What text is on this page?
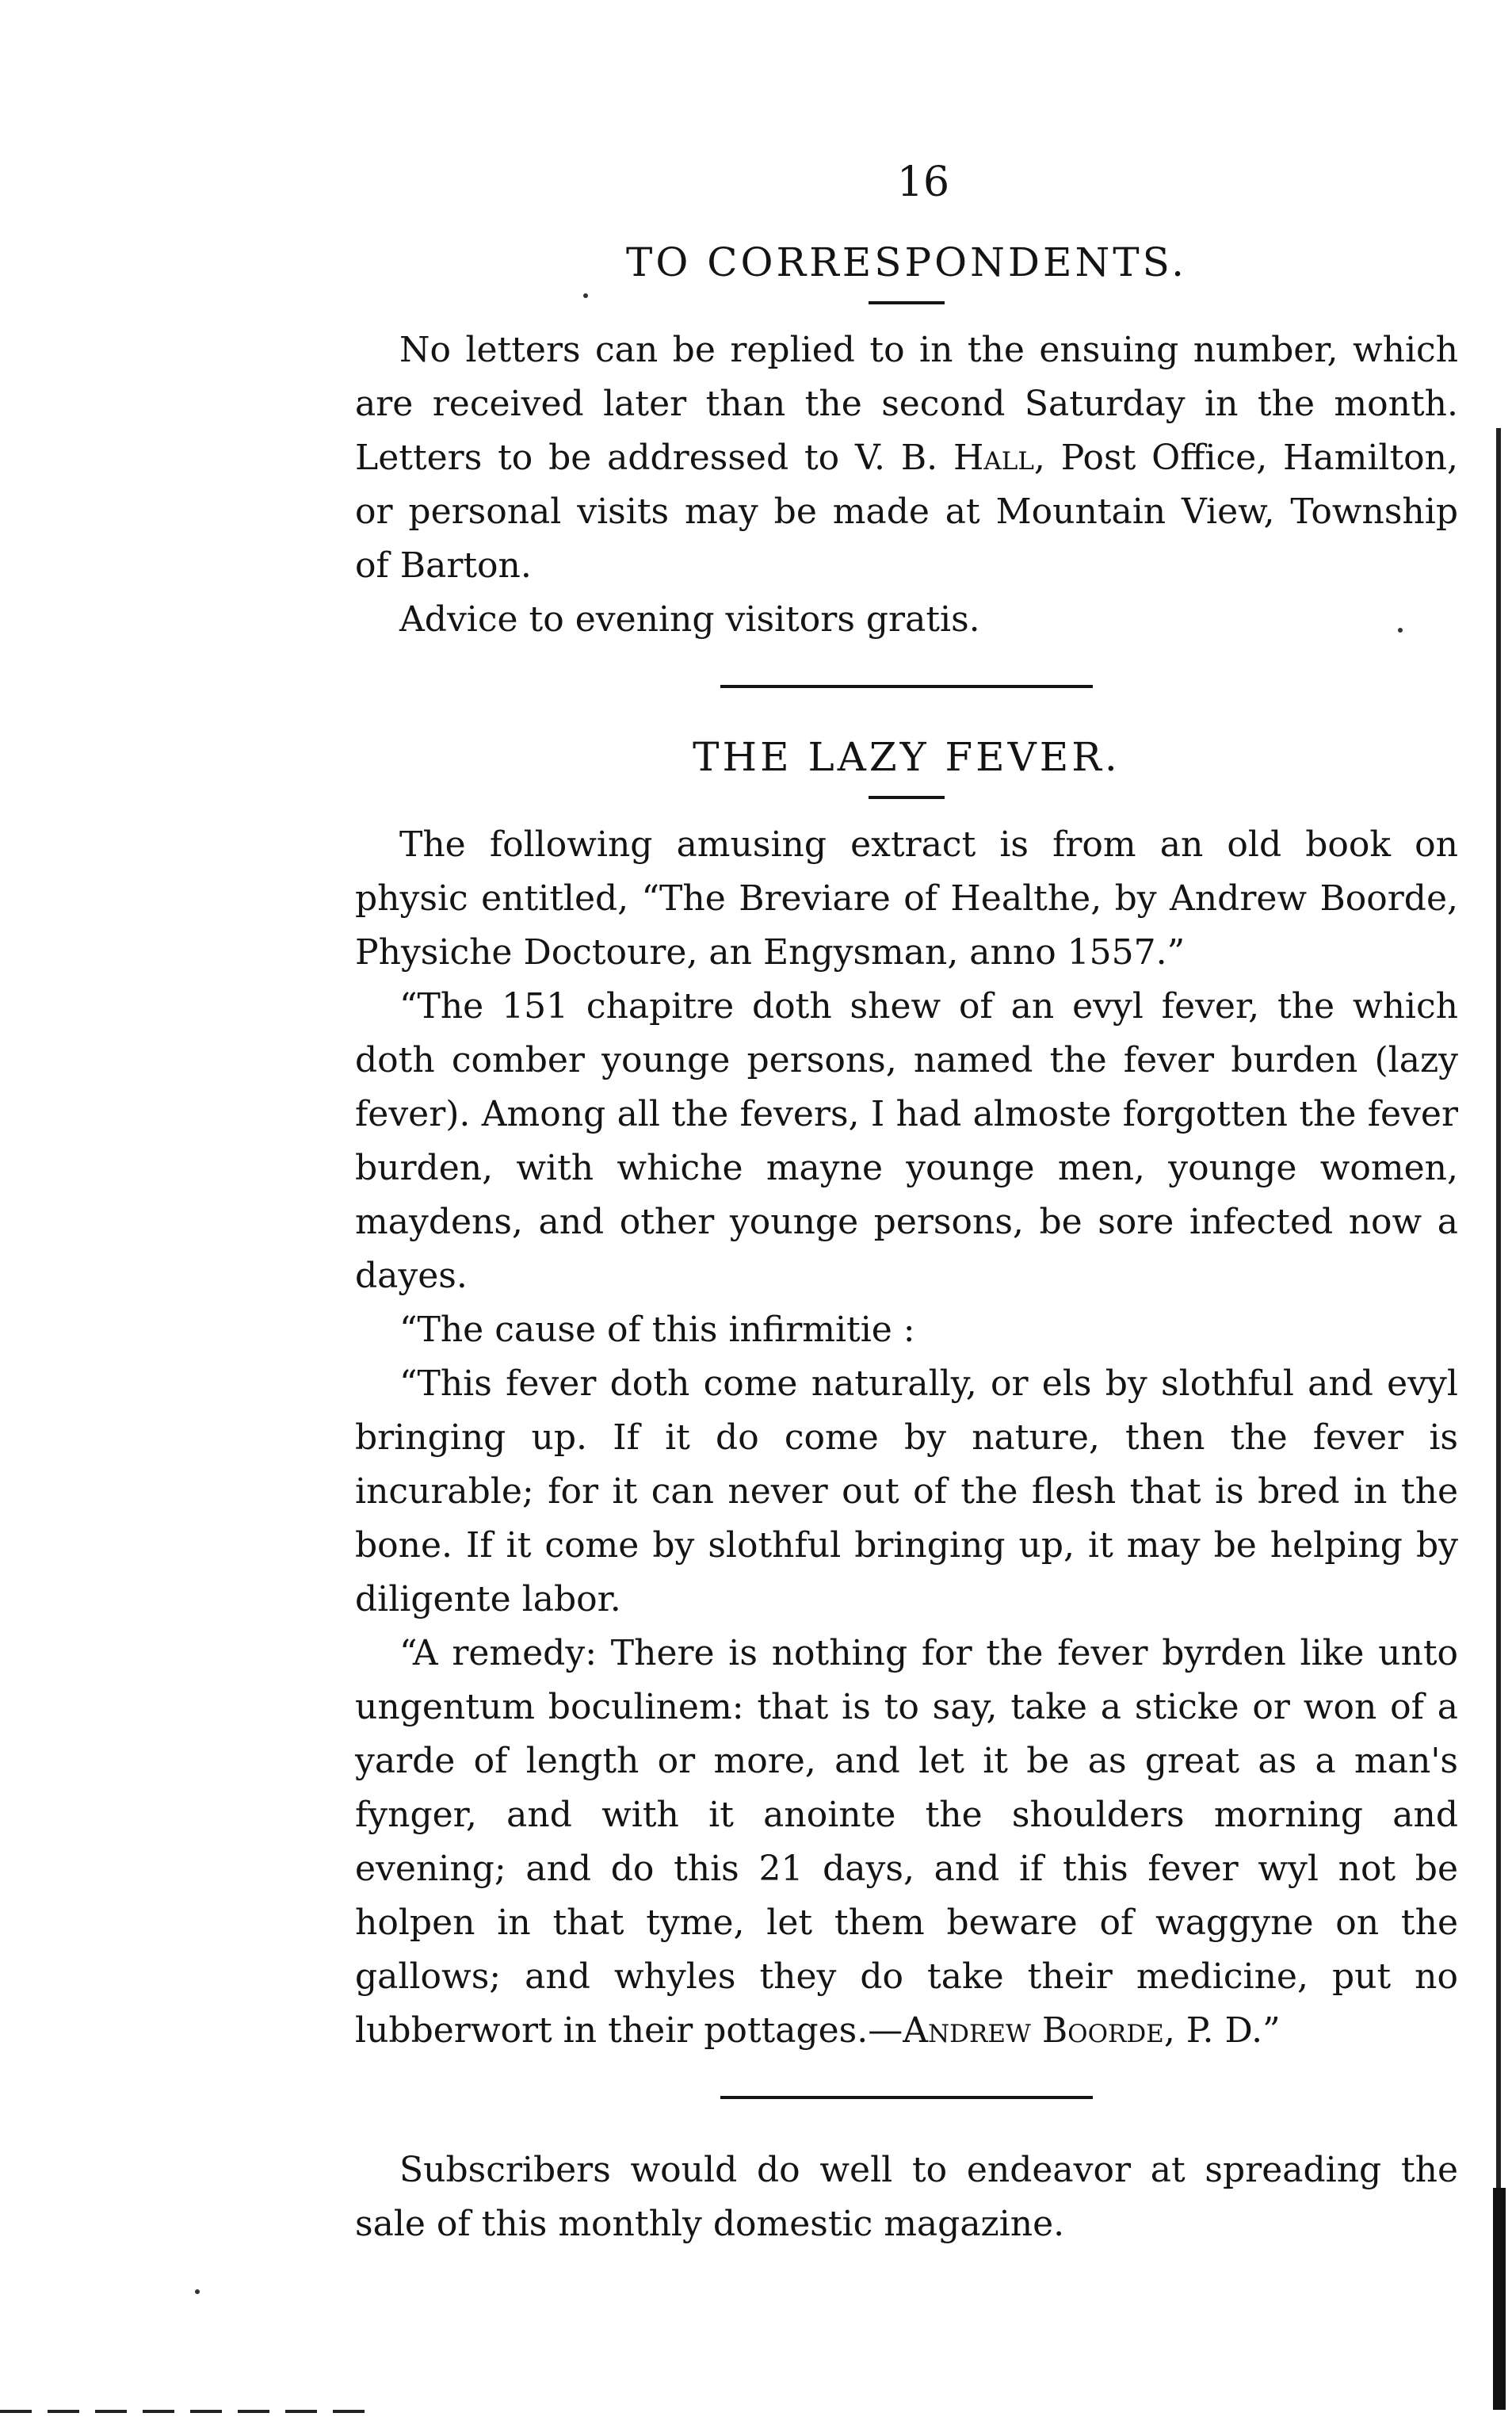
16
TO CORRESPONDENTS.

No letters can be replied to in the ensuing number, which are received later than the second Saturday in the month. Letters to be addressed to V. B. Hall, Post Office, Hamilton, or personal visits may be made at Mountain View, Township of Barton.

Advice to evening visitors gratis.

THE LAZY FEVER.

The following amusing extract is from an old book on physic entitled, “The Breviare of Healthe, by Andrew Boorde, Physiche Doctoure, an Engysman, anno 1557.”

“The 151 chapitre doth shew of an evyl fever, the which doth comber younge persons, named the fever burden (lazy fever). Among all the fevers, I had almoste forgotten the fever burden, with whiche mayne younge men, younge women, maydens, and other younge persons, be sore infected now a dayes.

“The cause of this infirmitie :

“This fever doth come naturally, or els by slothful and evyl bringing up. If it do come by nature, then the fever is incurable; for it can never out of the flesh that is bred in the bone. If it come by slothful bringing up, it may be helping by diligente labor.

“A remedy: There is nothing for the fever byrden like unto ungentum boculinem: that is to say, take a sticke or won of a yarde of length or more, and let it be as great as a man's fynger, and with it anointe the shoulders morning and evening; and do this 21 days, and if this fever wyl not be holpen in that tyme, let them beware of waggyne on the gallows; and whyles they do take their medicine, put no lubberwort in their pottages.—Andrew Boorde, P. D.”

Subscribers would do well to endeavor at spreading the sale of this monthly domestic magazine.
